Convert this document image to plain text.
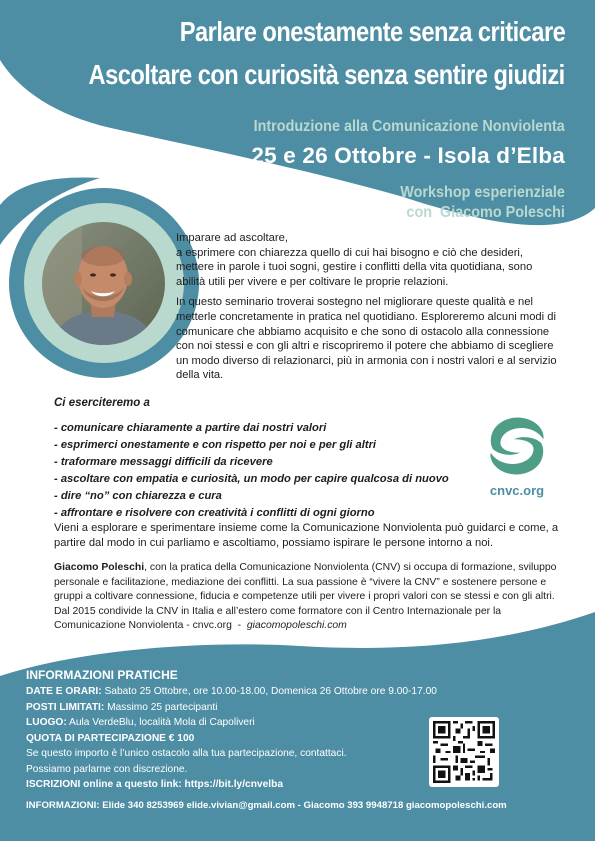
Parlare onestamente senza criticare
Ascoltare con curiosità senza sentire giudizi
Introduzione alla Comunicazione Nonviolenta
25 e 26 Ottobre - Isola d’Elba
Workshop esperienziale
con  Giacomo Poleschi

Imparare ad ascoltare,
a esprimere con chiarezza quello di cui hai bisogno e ciò che desideri,
mettere in parole i tuoi sogni, gestire i conflitti della vita quotidiana, sono
abilità utili per vivere e per coltivare le proprie relazioni.

In questo seminario troverai sostegno nel migliorare queste qualità e nel metterle concretamente in pratica nel quotidiano. Esploreremo alcuni modi di comunicare che abbiamo acquisito e che sono di ostacolo alla connessione con noi stessi e con gli altri e riscopriremo il potere che abbiamo di scegliere un modo diverso di relazionarci, più in armonia con i nostri valori e al servizio della vita.

Ci eserciteremo a
- comunicare chiaramente a partire dai nostri valori
- esprimerci onestamente e con rispetto per noi e per gli altri
- traformare messaggi difficili da ricevere
- ascoltare con empatia e curiosità, un modo per capire qualcosa di nuovo
- dire “no” con chiarezza e cura
- affrontare e risolvere con creatività i conflitti di ogni giorno
cnvc.org
Vieni a esplorare e sperimentare insieme come la Comunicazione Nonviolenta può guidarci e come, a partire dal modo in cui parliamo e ascoltiamo, possiamo ispirare le persone intorno a noi.
Giacomo Poleschi, con la pratica della Comunicazione Nonviolenta (CNV) si occupa di formazione, sviluppo personale e facilitazione, mediazione dei conflitti. La sua passione è “vivere la CNV” e sostenere persone e gruppi a coltivare connessione, fiducia e competenze utili per vivere i propri valori con se stessi e con gli altri.
Dal 2015 condivide la CNV in Italia e all’estero come formatore con il Centro Internazionale per la Comunicazione Nonviolenta - cnvc.org  -  giacomopoleschi.com
INFORMAZIONI PRATICHE
DATE E ORARI: Sabato 25 Ottobre, ore 10.00-18.00, Domenica 26 Ottobre ore 9.00-17.00
POSTI LIMITATI: Massimo 25 partecipanti
LUOGO: Aula VerdeBlu, località Mola di Capoliveri
QUOTA DI PARTECIPAZIONE € 100
Se questo importo è l’unico ostacolo alla tua partecipazione, contattaci.
Possiamo parlarne con discrezione.
ISCRIZIONI online a questo link: https://bit.ly/cnvelba
INFORMAZIONI: Elide 340 8253969 elide.vivian@gmail.com - Giacomo 393 9948718 giacomopoleschi.com
